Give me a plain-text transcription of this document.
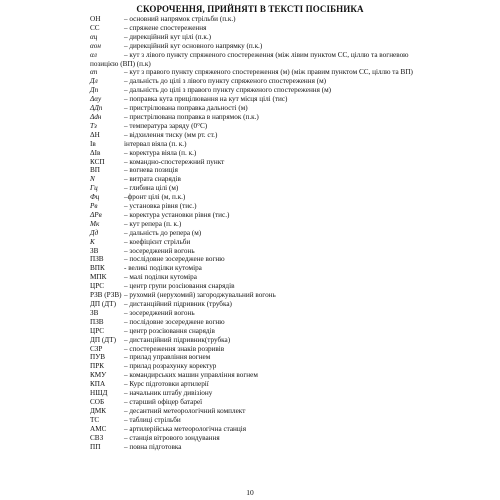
СКОРОЧЕННЯ, ПРИЙНЯТІ В ТЕКСТІ ПОСІБНИКА
ОН	– основний напрямок стрільби (п.к.)
СС	– спряжене спостереження
αц	– дирекційний кут цілі (п.к.)
αон	– дирекційний кут основного напрямку (п.к.)
αл	– кут з лівого пункту спряженого спостереження (між лівим пунктом СС, ціллю та вогневою позицією (ВП) (п.к)
αп	– кут з правого пункту спряженого спостереження (м) (між правим пунктом СС, ціллю та ВП)
Дл	– дальність до цілі з лівого пункту спряженого спостереження (м)
Дп	– дальність до цілі з правого пункту спряженого спостереження (м)
Δαу	– поправка кута прицілювання на кут місця цілі (тис)
ΔДп	– пристрілювана поправка дальності (м)
Δdн	– пристрілювана поправка в напрямок (п.к.)
Тз	– температура заряду (0°С)
ΔН	– відхилення тиску (мм рт. ст.)
Ів	інтервал віяла (п. к.)
ΔІв	– коректура віяла (п. к.)
КСП	– командно-спостережний пункт
ВП	– вогнева позиція
N	– витрата снарядів
Гц	– глибина цілі (м)
Фц	–фронт цілі (м, п.к.)
Рв	– установка рівня (тис.)
ΔРв	– коректура установки рівня (тис.)
Мк	– кут репера (п. к.)
Дд	– дальність до репера (м)
К	– коефіцієнт стрільби
ЗВ	– зосереджений вогонь
ПЗВ	– послідовне зосереджене вогню
ВПК	- великі поділки кутоміра
МПК – малі поділки кутоміра
ЦРС	– центр групи розсіювання снарядів
РЗВ (РЗВ) – рухомий (нерухомий) загороджувальний вогонь
ДП (ДТ) – дистанційний підривник (трубка)
ЗВ	– зосереджений вогонь
ПЗВ	– послідовне зосереджене вогню
ЦРС	– центр розсіювання снарядів
ДП (ДТ) – дистанційний підривник(трубка)
СЗР	– спостереження знаків розривів
ПУВ	– прилад управління вогнем
ПРК	– прилад розрахунку коректур
КМУ – командирських машин управління вогнем
КПА	– Курс підготовки артилерії
НШД – начальник штабу дивізіону
СОБ	– старший офіцер батареї
ДМК – десантний метеорологічний комплект
ТС	– таблиці стрільби
АМС – артилерійська метеорологічна станція
СВЗ	– станція вітрового зондування
ПП	– повна підготовка
10
